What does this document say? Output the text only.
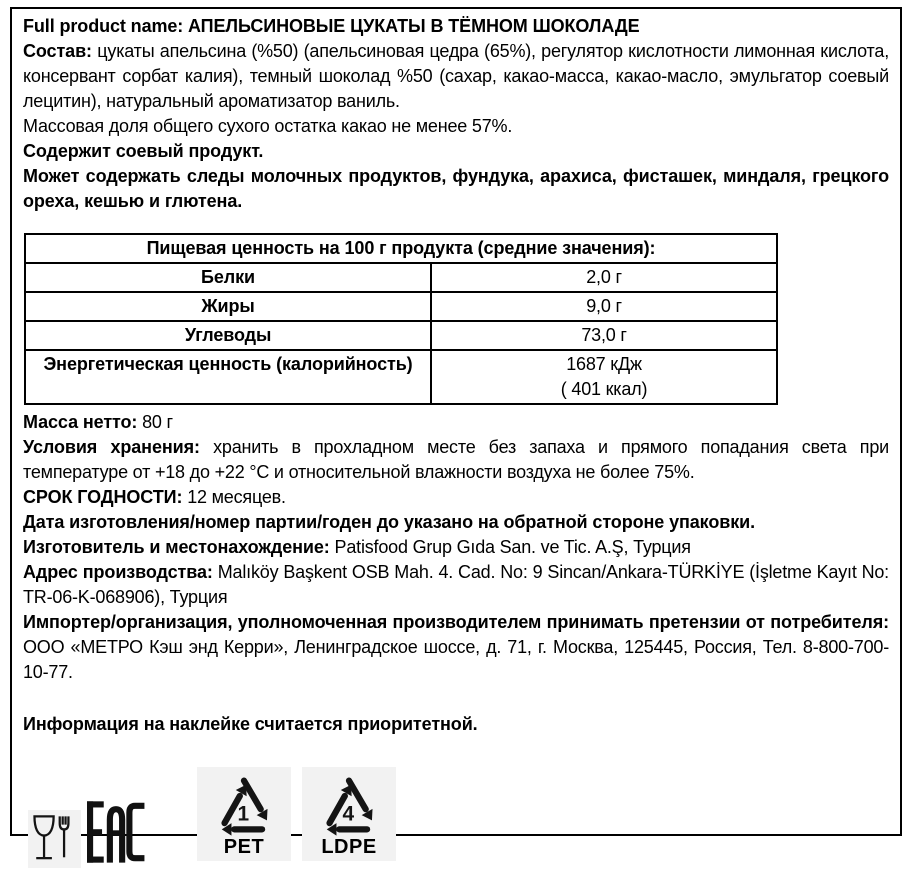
Full product name: АПЕЛЬСИНОВЫЕ ЦУКАТЫ В ТЁМНОМ ШОКОЛАДЕ

Состав: цукаты апельсина (%50) (апельсиновая цедра (65%), регулятор кислотности лимонная кислота, консервант сорбат калия), темный шоколад %50 (сахар, какао-масса, какао-масло, эмульгатор соевый лецитин), натуральный ароматизатор ваниль.

Массовая доля общего сухого остатка какао не менее 57%.

Содержит соевый продукт.

Может содержать следы молочных продуктов, фундука, арахиса, фисташек, миндаля, грецкого ореха, кешью и глютена.

Пищевая ценность на 100 г продукта (средние значения):	
Белки	2,0 г
Жиры	9,0 г
Углеводы	73,0 г
Энергетическая ценность (калорийность)	1687 кДж
( 401 ккал)

Масса нетто: 80 г

Условия хранения: хранить в прохладном месте без запаха и прямого попадания света при температуре от +18 до +22 °C и относительной влажности воздуха не более 75%.

СРОК ГОДНОСТИ: 12 месяцев.

Дата изготовления/номер партии/годен до указано на обратной стороне упаковки.

Изготовитель и местонахождение: Patisfood Grup Gıda San. ve Tic. A.Ş, Турция

Адрес производства: Malıköy Başkent OSB Mah. 4. Cad. No: 9 Sincan/Ankara-TÜRKİYE (İşletme Kayıt No: TR-06-K-068906), Турция

Импортер/организация, уполномоченная производителем принимать претензии от потребителя: ООО «МЕТРО Кэш энд Керри», Ленинградское шоссе, д. 71, г. Москва, 125445, Россия, Тел. 8-800-700-10-77.

Информация на наклейке считается приоритетной.

1
PET
4
LDPE
